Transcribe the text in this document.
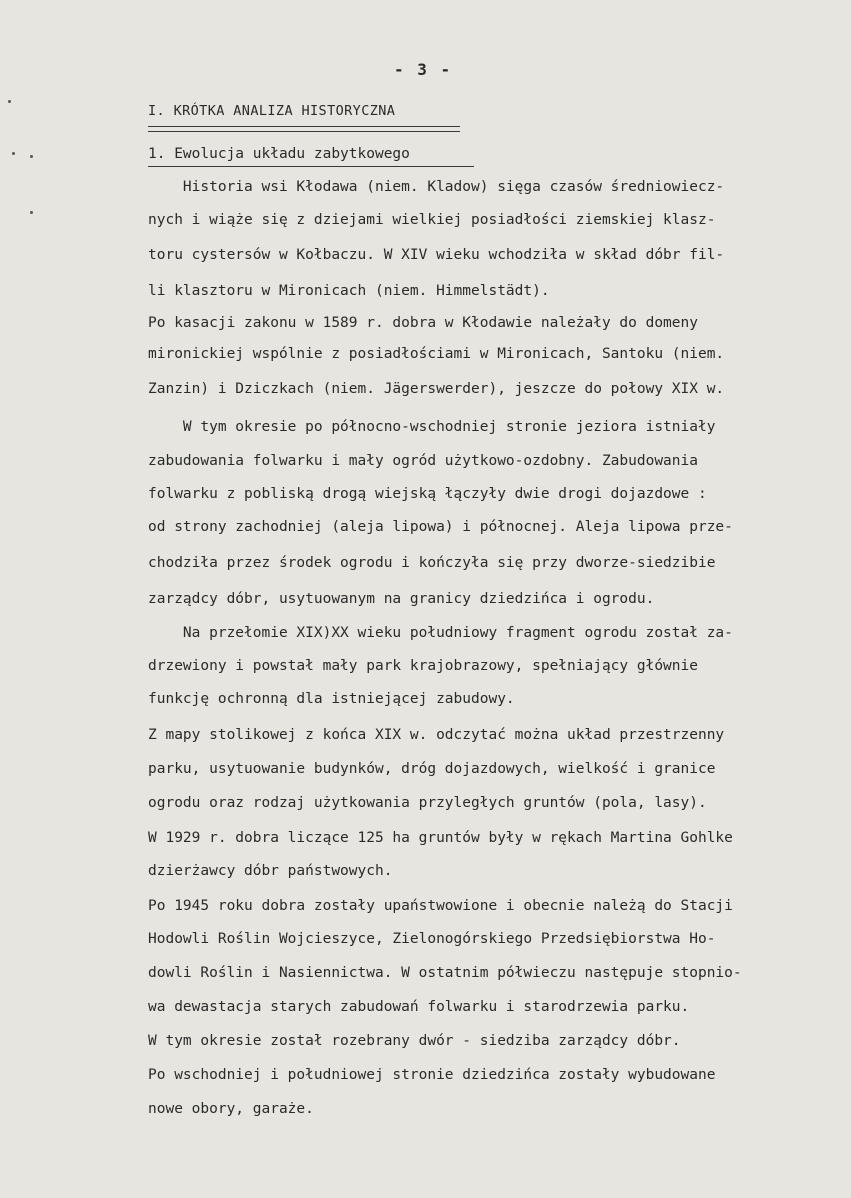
- 3 -
I. KRÓTKA ANALIZA HISTORYCZNA
1. Ewolucja układu zabytkowego
Historia wsi Kłodawa (niem. Kladow) sięga czasów średniowiecz-
nych i wiąże się z dziejami wielkiej posiadłości ziemskiej klasz-
toru cystersów w Kołbaczu. W XIV wieku wchodziła w skład dóbr fil-
li klasztoru w Mironicach (niem. Himmelstädt).
Po kasacji zakonu w 1589 r. dobra w Kłodawie należały do domeny
mironickiej wspólnie z posiadłościami w Mironicach, Santoku (niem.
Zanzin) i Dziczkach (niem. Jägerswerder), jeszcze do połowy XIX w.
W tym okresie po północno-wschodniej stronie jeziora istniały
zabudowania folwarku i mały ogród użytkowo-ozdobny. Zabudowania
folwarku z pobliską drogą wiejską łączyły dwie drogi dojazdowe :
od strony zachodniej (aleja lipowa) i północnej. Aleja lipowa prze-
chodziła przez środek ogrodu i kończyła się przy dworze-siedzibie
zarządcy dóbr, usytuowanym na granicy dziedzińca i ogrodu.
Na przełomie XIX)XX wieku południowy fragment ogrodu został za-
drzewiony i powstał mały park krajobrazowy, spełniający głównie
funkcję ochronną dla istniejącej zabudowy.
Z mapy stolikowej z końca XIX w. odczytać można układ przestrzenny
parku, usytuowanie budynków, dróg dojazdowych, wielkość i granice
ogrodu oraz rodzaj użytkowania przyległych gruntów (pola, lasy).
W 1929 r. dobra liczące 125 ha gruntów były w rękach Martina Gohlke
dzierżawcy dóbr państwowych.
Po 1945 roku dobra zostały upaństwowione i obecnie należą do Stacji
Hodowli Roślin Wojcieszyce, Zielonogórskiego Przedsiębiorstwa Ho-
dowli Roślin i Nasiennictwa. W ostatnim półwieczu następuje stopnio-
wa dewastacja starych zabudowań folwarku i starodrzewia parku.
W tym okresie został rozebrany dwór - siedziba zarządcy dóbr.
Po wschodniej i południowej stronie dziedzińca zostały wybudowane
nowe obory, garaże.
